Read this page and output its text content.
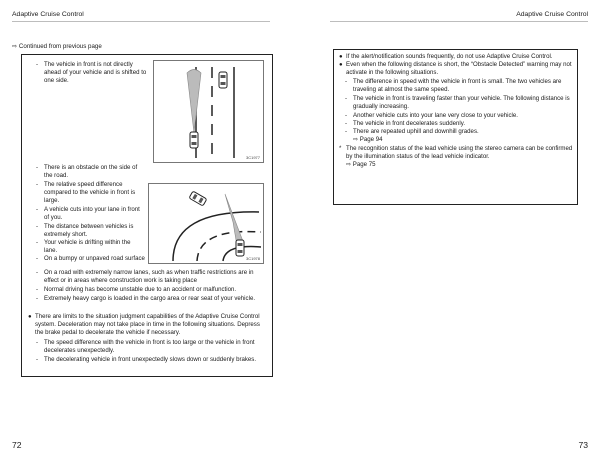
Adaptive Cruise Control	Adaptive Cruise Control
⇨ Continued from previous page
- The vehicle in front is not directly ahead of your vehicle and is shifted to one side.
3C1977
- There is an obstacle on the side of the road.
- The relative speed difference compared to the vehicle in front is large.
- A vehicle cuts into your lane in front of you.
- The distance between vehicles is extremely short.
- Your vehicle is drifting within the lane.
- On a bumpy or unpaved road surface	3C1978
- On a road with extremely narrow lanes, such as when traffic restrictions are in effect or in areas where construction work is taking place
- Normal driving has become unstable due to an accident or malfunction.
- Extremely heavy cargo is loaded in the cargo area or rear seat of your vehicle.
● There are limits to the situation judgment capabilities of the Adaptive Cruise Control system. Deceleration may not take place in time in the following situations. Depress the brake pedal to decelerate the vehicle if necessary.
- The speed difference with the vehicle in front is too large or the vehicle in front decelerates unexpectedly.
- The decelerating vehicle in front unexpectedly slows down or suddenly brakes.
● If the alert/notification sounds frequently, do not use Adaptive Cruise Control.
● Even when the following distance is short, the “Obstacle Detected” warning may not activate in the following situations.
- The difference in speed with the vehicle in front is small. The two vehicles are traveling at almost the same speed.
- The vehicle in front is traveling faster than your vehicle. The following distance is gradually increasing.
- Another vehicle cuts into your lane very close to your vehicle.
- The vehicle in front decelerates suddenly.
- There are repeated uphill and downhill grades.
⇨ Page 94
* The recognition status of the lead vehicle using the stereo camera can be confirmed by the illumination status of the lead vehicle indicator.
⇨ Page 75
72	73
